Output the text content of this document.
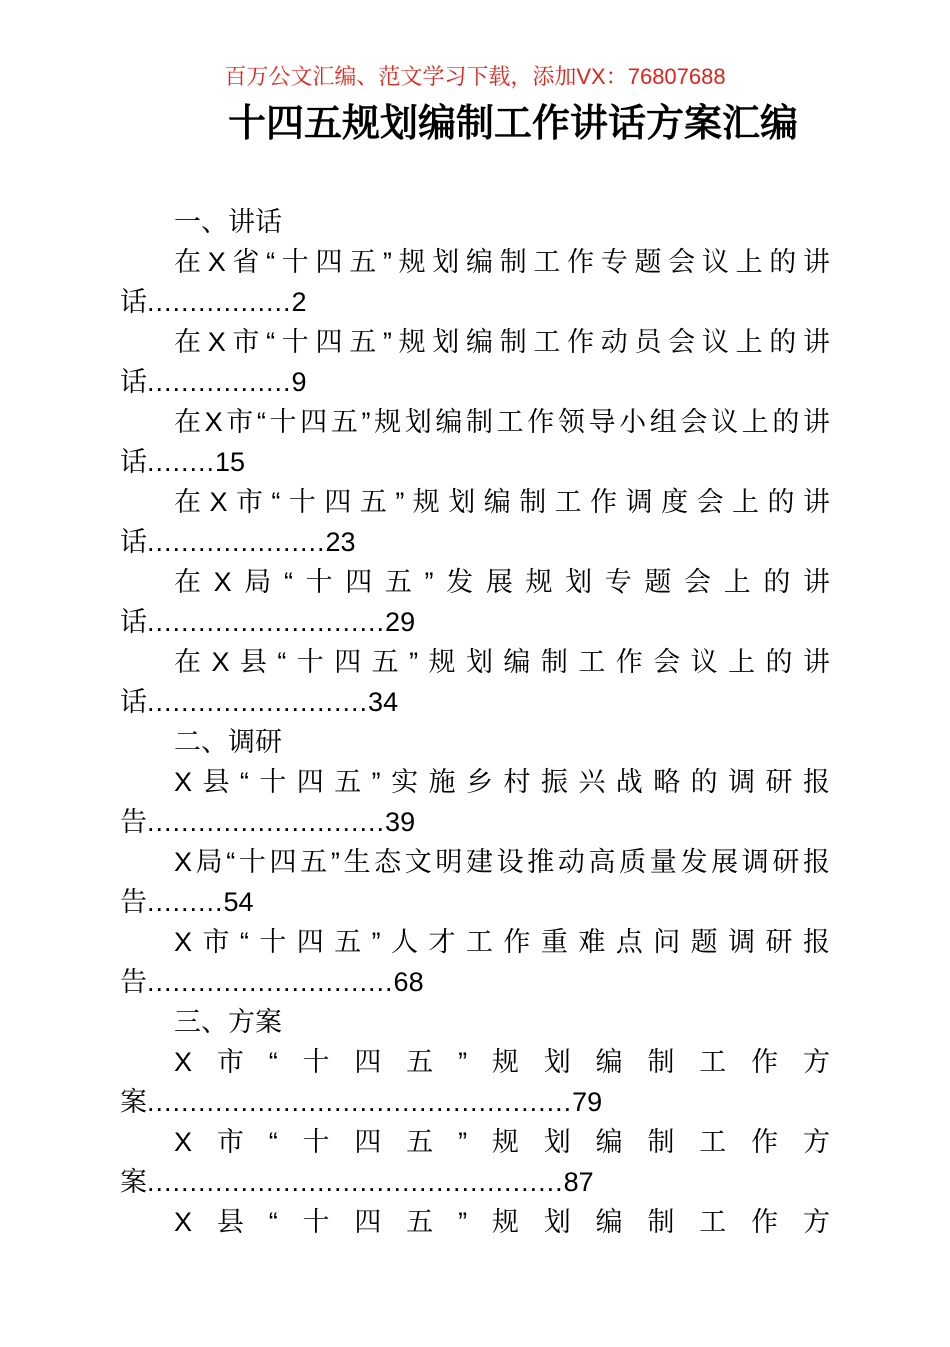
百万公文汇编、范文学习下载，添加VX：76807688
十四五规划编制工作讲话方案汇编

一、讲话

在X省“十四五”规划编制工作专题会议上的讲
话.................2

在X市“十四五”规划编制工作动员会议上的讲
话.................9

在X市“十四五”规划编制工作领导小组会议上的讲
话........15

在X市“十四五”规划编制工作调度会上的讲
话.....................23

在X局“十四五”发展规划专题会上的讲
话............................29

在X县“十四五”规划编制工作会议上的讲
话..........................34

二、调研

X县“十四五”实施乡村振兴战略的调研报
告............................39

X局“十四五”生态文明建设推动高质量发展调研报
告.........54

X市“十四五”人才工作重难点问题调研报
告.............................68

三、方案

X市“十四五”规划编制工作方
案..................................................79

X市“十四五”规划编制工作方
案.................................................87

X县“十四五”规划编制工作方
